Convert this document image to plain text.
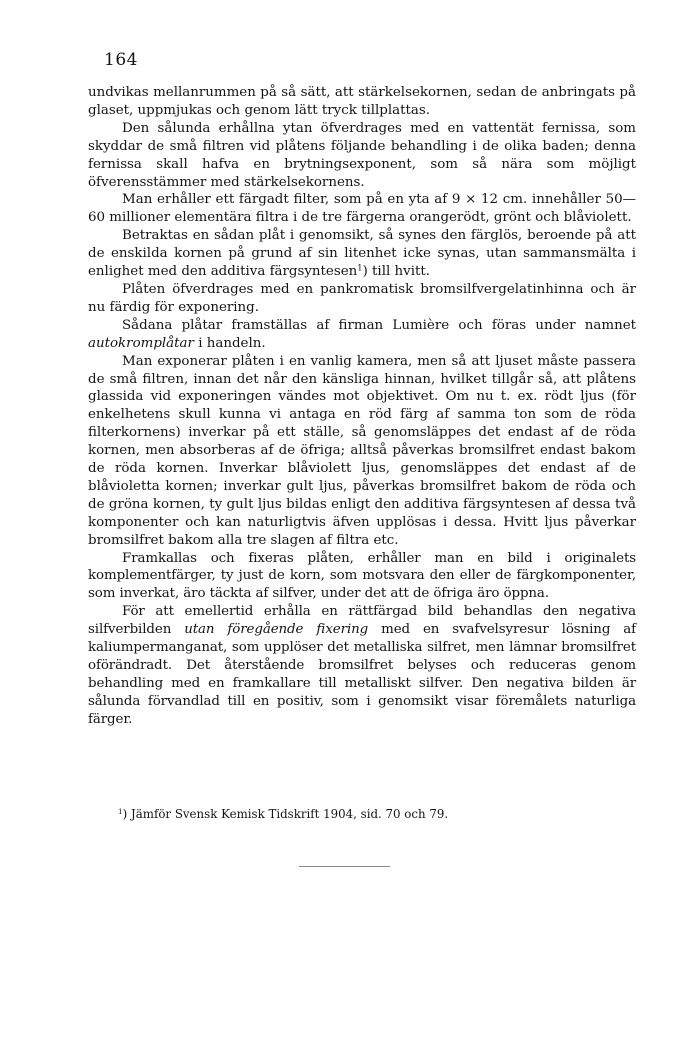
164

undvikas mellanrummen på så sätt, att stärkelsekornen, sedan de anbringats på glaset, uppmjukas och genom lätt tryck tillplattas.

Den sålunda erhållna ytan öfverdrages med en vattentät fernissa, som skyddar de små filtren vid plåtens följande behandling i de olika baden; denna fernissa skall hafva en brytningsexponent, som så nära som möjligt öfverensstämmer med stärkelsekornens.

Man erhåller ett färgadt filter, som på en yta af 9 × 12 cm. innehåller 50—60 millioner elementära filtra i de tre färgerna orangerödt, grönt och blåviolett.

Betraktas en sådan plåt i genomsikt, så synes den färglös, beroende på att de enskilda kornen på grund af sin litenhet icke synas, utan sammansmälta i enlighet med den additiva färgsyntesen$^1$) till hvitt.

Plåten öfverdrages med en pankromatisk bromsilfvergelatinhinna och är nu färdig för exponering.

Sådana plåtar framställas af firman Lumière och föras under namnet autokromplåtar i handeln.

Man exponerar plåten i en vanlig kamera, men så att ljuset måste passera de små filtren, innan det når den känsliga hinnan, hvilket tillgår så, att plåtens glassida vid exponeringen vändes mot objektivet. Om nu t. ex. rödt ljus (för enkelhetens skull kunna vi antaga en röd färg af samma ton som de röda filterkornens) inverkar på ett ställe, så genomsläppes det endast af de röda kornen, men absorberas af de öfriga; alltså påverkas bromsilfret endast bakom de röda kornen. Inverkar blåviolett ljus, genomsläppes det endast af de blåvioletta kornen; inverkar gult ljus, påverkas bromsilfret bakom de röda och de gröna kornen, ty gult ljus bildas enligt den additiva färgsyntesen af dessa två komponenter och kan naturligtvis äfven upplösas i dessa. Hvitt ljus påverkar bromsilfret bakom alla tre slagen af filtra etc.

Framkallas och fixeras plåten, erhåller man en bild i originalets komplementfärger, ty just de korn, som motsvara den eller de färgkomponenter, som inverkat, äro täckta af silfver, under det att de öfriga äro öppna.

För att emellertid erhålla en rättfärgad bild behandlas den negativa silfverbilden utan föregående fixering med en svafvelsyresur lösning af kaliumpermanganat, som upplöser det metalliska silfret, men lämnar bromsilfret oförändradt. Det återstående bromsilfret belyses och reduceras genom behandling med en framkallare till metalliskt silfver. Den negativa bilden är sålunda förvandlad till en positiv, som i genomsikt visar föremålets naturliga färger.

$^1$) Jämför Svensk Kemisk Tidskrift 1904, sid. 70 och 79.
